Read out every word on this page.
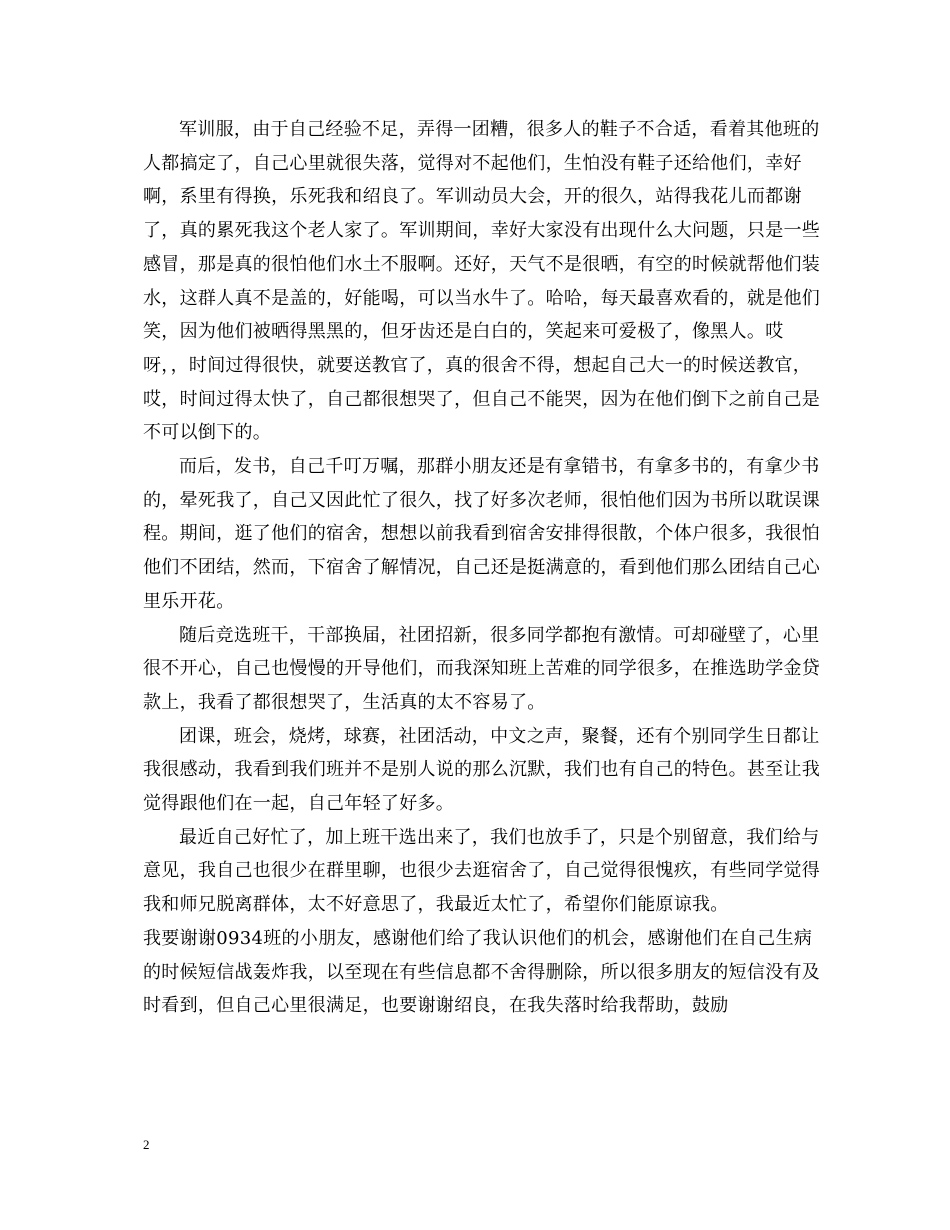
军训服，由于自己经验不足，弄得一团糟，很多人的鞋子不合适，看着其他班的人都搞定了，自己心里就很失落，觉得对不起他们，生怕没有鞋子还给他们，幸好啊，系里有得换，乐死我和绍良了。军训动员大会，开的很久，站得我花儿而都谢了，真的累死我这个老人家了。军训期间，幸好大家没有出现什么大问题，只是一些感冒，那是真的很怕他们水土不服啊。还好，天气不是很晒，有空的时候就帮他们装水，这群人真不是盖的，好能喝，可以当水牛了。哈哈，每天最喜欢看的，就是他们笑，因为他们被晒得黑黑的，但牙齿还是白白的，笑起来可爱极了，像黑人。哎呀，，时间过得很快，就要送教官了，真的很舍不得，想起自己大一的时候送教官，哎，时间过得太快了，自己都很想哭了，但自己不能哭，因为在他们倒下之前自己是不可以倒下的。

而后，发书，自己千叮万嘱，那群小朋友还是有拿错书，有拿多书的，有拿少书的，晕死我了，自己又因此忙了很久，找了好多次老师，很怕他们因为书所以耽误课程。期间，逛了他们的宿舍，想想以前我看到宿舍安排得很散，个体户很多，我很怕他们不团结，然而，下宿舍了解情况，自己还是挺满意的，看到他们那么团结自己心里乐开花。

随后竞选班干，干部换届，社团招新，很多同学都抱有激情。可却碰壁了，心里很不开心，自己也慢慢的开导他们，而我深知班上苦难的同学很多，在推选助学金贷款上，我看了都很想哭了，生活真的太不容易了。

团课，班会，烧烤，球赛，社团活动，中文之声，聚餐，还有个别同学生日都让我很感动，我看到我们班并不是别人说的那么沉默，我们也有自己的特色。甚至让我觉得跟他们在一起，自己年轻了好多。

最近自己好忙了，加上班干选出来了，我们也放手了，只是个别留意，我们给与意见，我自己也很少在群里聊，也很少去逛宿舍了，自己觉得很愧疚，有些同学觉得我和师兄脱离群体，太不好意思了，我最近太忙了，希望你们能原谅我。

我要谢谢0934班的小朋友，感谢他们给了我认识他们的机会，感谢他们在自己生病的时候短信战轰炸我，以至现在有些信息都不舍得删除，所以很多朋友的短信没有及时看到，但自己心里很满足，也要谢谢绍良，在我失落时给我帮助，鼓励

2
